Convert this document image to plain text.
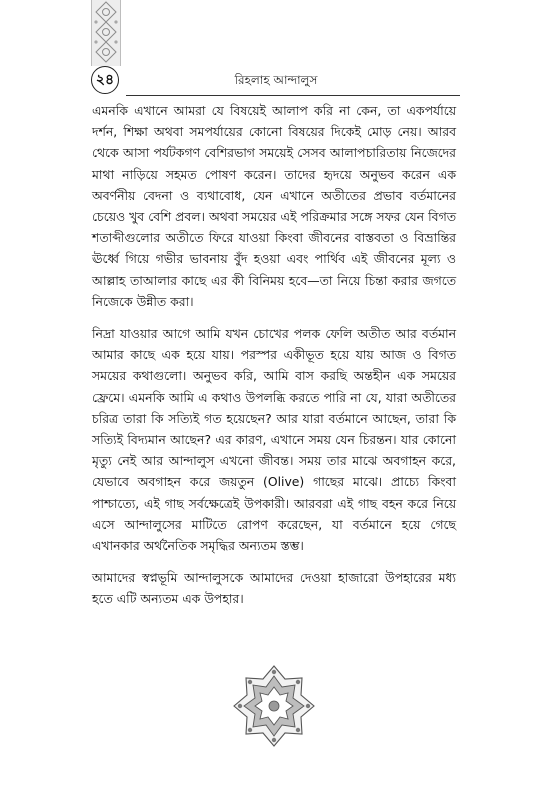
২৪	রিহলাহ আন্দালুস

এমনকি এখানে আমরা যে বিষয়েই আলাপ করি না কেন, তা একপর্যায়ে দর্শন, শিক্ষা অথবা সমপর্যায়ের কোনো বিষয়ের দিকেই মোড় নেয়। আরব থেকে আসা পর্যটকগণ বেশিরভাগ সময়েই সেসব আলাপচারিতায় নিজেদের মাথা নাড়িয়ে সহমত পোষণ করেন। তাদের হৃদয়ে অনুভব করেন এক অবর্ণনীয় বেদনা ও ব্যথাবোধ, যেন এখানে অতীতের প্রভাব বর্তমানের চেয়েও খুব বেশি প্রবল। অথবা সময়ের এই পরিক্রমার সঙ্গে সফর যেন বিগত শতাব্দীগুলোর অতীতে ফিরে যাওয়া কিংবা জীবনের বাস্তবতা ও বিভ্রান্তির ঊর্ধ্বে গিয়ে গভীর ভাবনায় বুঁদ হওয়া এবং পার্থিব এই জীবনের মূল্য ও আল্লাহ তাআলার কাছে এর কী বিনিময় হবে—তা নিয়ে চিন্তা করার জগতে নিজেকে উন্নীত করা।

নিদ্রা যাওয়ার আগে আমি যখন চোখের পলক ফেলি অতীত আর বর্তমান আমার কাছে এক হয়ে যায়। পরস্পর একীভূত হয়ে যায় আজ ও বিগত সময়ের কথাগুলো। অনুভব করি, আমি বাস করছি অন্তহীন এক সময়ের ফ্রেমে। এমনকি আমি এ কথাও উপলব্ধি করতে পারি না যে, যারা অতীতের চরিত্র তারা কি সত্যিই গত হয়েছেন? আর যারা বর্তমানে আছেন, তারা কি সত্যিই বিদ্যমান আছেন? এর কারণ, এখানে সময় যেন চিরন্তন। যার কোনো মৃত্যু নেই আর আন্দালুস এখনো জীবন্ত। সময় তার মাঝে অবগাহন করে, যেভাবে অবগাহন করে জয়তুন (Olive) গাছের মাঝে। প্রাচ্যে কিংবা পাশ্চাত্যে, এই গাছ সর্বক্ষেত্রেই উপকারী। আরবরা এই গাছ বহন করে নিয়ে এসে আন্দালুসের মাটিতে রোপণ করেছেন, যা বর্তমানে হয়ে গেছে এখানকার অর্থনৈতিক সমৃদ্ধির অন্যতম স্তম্ভ।

আমাদের স্বপ্নভূমি আন্দালুসকে আমাদের দেওয়া হাজারো উপহারের মধ্য হতে এটি অন্যতম এক উপহার।
